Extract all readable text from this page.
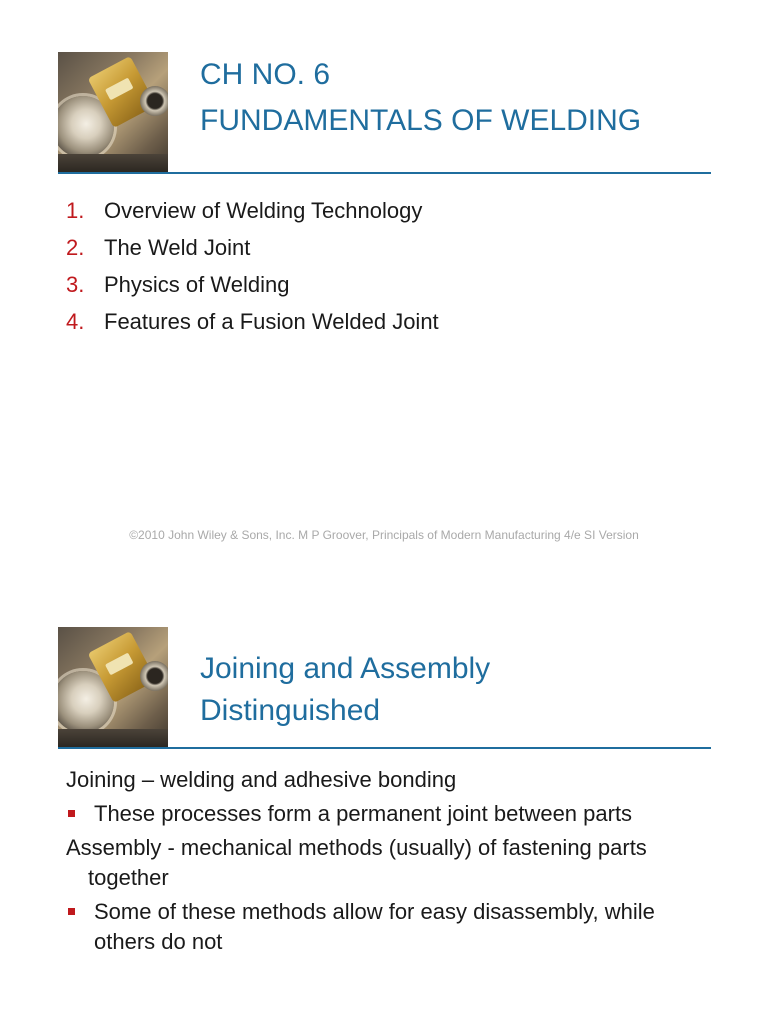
CH NO. 6
FUNDAMENTALS OF WELDING
1. Overview of Welding Technology
2. The Weld Joint
3. Physics of Welding
4. Features of a Fusion Welded Joint
©2010 John Wiley & Sons, Inc. M P Groover, Principals of Modern Manufacturing 4/e SI Version
Joining and Assembly
Distinguished

Joining – welding and adhesive bonding

These processes form a permanent joint between parts

Assembly - mechanical methods (usually) of fastening parts together

Some of these methods allow for easy disassembly, while others do not
